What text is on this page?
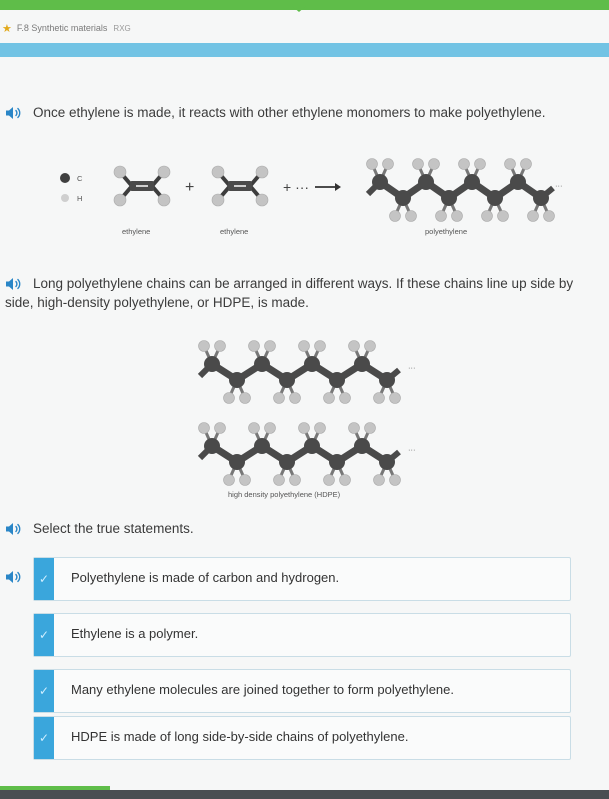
★ F.8 Synthetic materials RXG
Once ethylene is made, it reacts with other ethylene monomers to make polyethylene.
C
H
+	+ ···	···
ethylene	ethylene	polyethylene
Long polyethylene chains can be arranged in different ways. If these chains line up side by side, high-density polyethylene, or HDPE, is made.
···
···
high density polyethylene (HDPE)
Select the true statements.
✓ Polyethylene is made of carbon and hydrogen.
✓ Ethylene is a polymer.
✓ Many ethylene molecules are joined together to form polyethylene.
✓ HDPE is made of long side-by-side chains of polyethylene.
